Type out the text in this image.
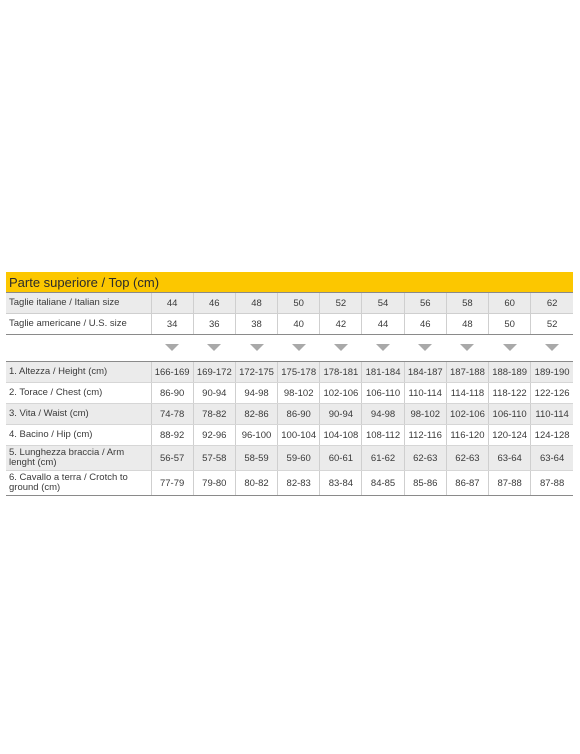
Parte superiore / Top (cm)
Taglie italiane / Italian size	44	46	48	50	52	54	56	58	60	62
Taglie americane / U.S. size	34	36	38	40	42	44	46	48	50	52

1. Altezza / Height (cm)	166-169	169-172	172-175	175-178	178-181	181-184	184-187	187-188	188-189	189-190
2. Torace / Chest (cm)	86-90	90-94	94-98	98-102	102-106	106-110	110-114	114-118	118-122	122-126
3. Vita / Waist (cm)	74-78	78-82	82-86	86-90	90-94	94-98	98-102	102-106	106-110	110-114
4. Bacino / Hip (cm)	88-92	92-96	96-100	100-104	104-108	108-112	112-116	116-120	120-124	124-128
5. Lunghezza braccia / Arm lenght (cm)	56-57	57-58	58-59	59-60	60-61	61-62	62-63	62-63	63-64	63-64
6. Cavallo a terra / Crotch to ground (cm)	77-79	79-80	80-82	82-83	83-84	84-85	85-86	86-87	87-88	87-88
